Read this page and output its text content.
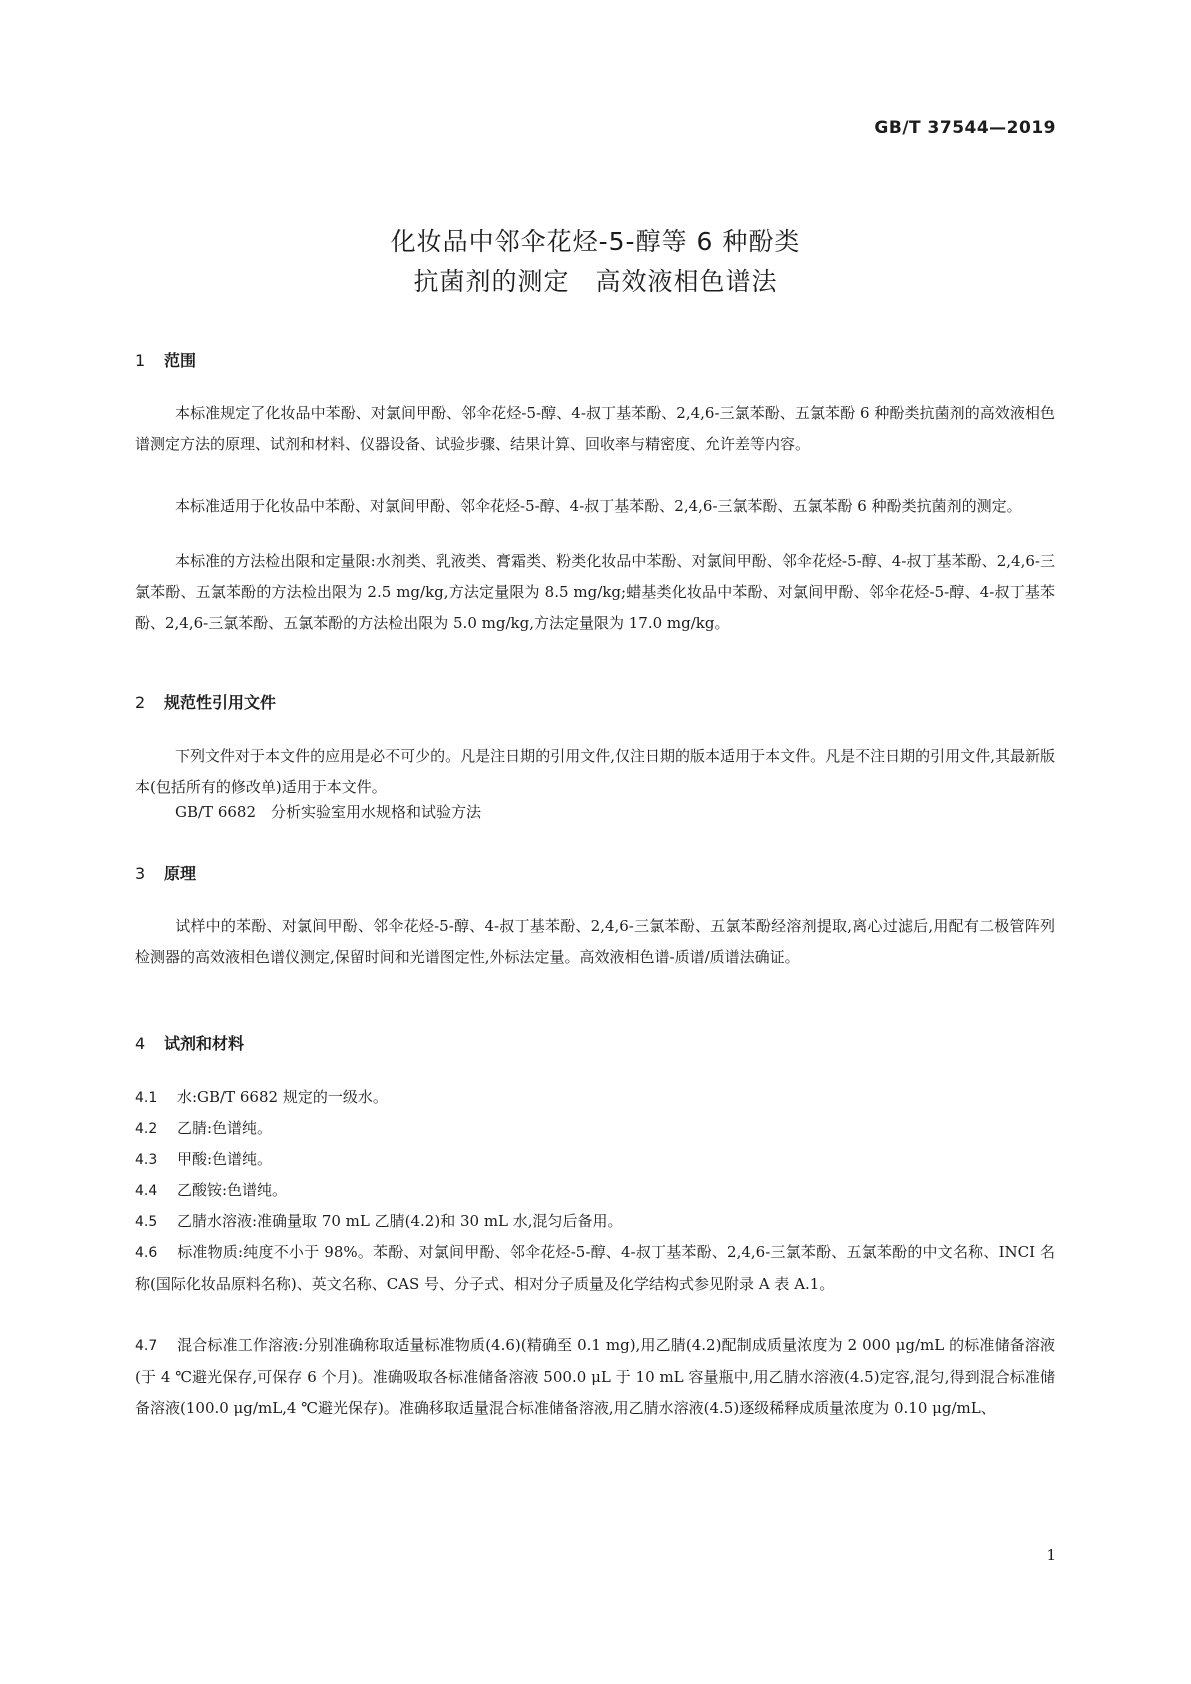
GB/T 37544—2019
化妆品中邻伞花烃-5-醇等 6 种酚类
抗菌剂的测定　高效液相色谱法
1 范围
本标准规定了化妆品中苯酚、对氯间甲酚、邻伞花烃-5-醇、4-叔丁基苯酚、2,4,6-三氯苯酚、五氯苯酚 6 种酚类抗菌剂的高效液相色谱测定方法的原理、试剂和材料、仪器设备、试验步骤、结果计算、回收率与精密度、允许差等内容。
本标准适用于化妆品中苯酚、对氯间甲酚、邻伞花烃-5-醇、4-叔丁基苯酚、2,4,6-三氯苯酚、五氯苯酚 6 种酚类抗菌剂的测定。
本标准的方法检出限和定量限:水剂类、乳液类、膏霜类、粉类化妆品中苯酚、对氯间甲酚、邻伞花烃-5-醇、4-叔丁基苯酚、2,4,6-三氯苯酚、五氯苯酚的方法检出限为 2.5 mg/kg,方法定量限为 8.5 mg/kg;蜡基类化妆品中苯酚、对氯间甲酚、邻伞花烃-5-醇、4-叔丁基苯酚、2,4,6-三氯苯酚、五氯苯酚的方法检出限为 5.0 mg/kg,方法定量限为 17.0 mg/kg。
2 规范性引用文件
下列文件对于本文件的应用是必不可少的。凡是注日期的引用文件,仅注日期的版本适用于本文件。凡是不注日期的引用文件,其最新版本(包括所有的修改单)适用于本文件。
GB/T 6682　分析实验室用水规格和试验方法
3 原理
试样中的苯酚、对氯间甲酚、邻伞花烃-5-醇、4-叔丁基苯酚、2,4,6-三氯苯酚、五氯苯酚经溶剂提取,离心过滤后,用配有二极管阵列检测器的高效液相色谱仪测定,保留时间和光谱图定性,外标法定量。高效液相色谱-质谱/质谱法确证。
4 试剂和材料
4.1 水:GB/T 6682 规定的一级水。
4.2 乙腈:色谱纯。
4.3 甲酸:色谱纯。
4.4 乙酸铵:色谱纯。
4.5 乙腈水溶液:准确量取 70 mL 乙腈(4.2)和 30 mL 水,混匀后备用。
4.6 标准物质:纯度不小于 98%。苯酚、对氯间甲酚、邻伞花烃-5-醇、4-叔丁基苯酚、2,4,6-三氯苯酚、五氯苯酚的中文名称、INCI 名称(国际化妆品原料名称)、英文名称、CAS 号、分子式、相对分子质量及化学结构式参见附录 A 表 A.1。
4.7 混合标准工作溶液:分别准确称取适量标准物质(4.6)(精确至 0.1 mg),用乙腈(4.2)配制成质量浓度为 2 000 μg/mL 的标准储备溶液(于 4 ℃避光保存,可保存 6 个月)。准确吸取各标准储备溶液 500.0 μL 于 10 mL 容量瓶中,用乙腈水溶液(4.5)定容,混匀,得到混合标准储备溶液(100.0 μg/mL,4 ℃避光保存)。准确移取适量混合标准储备溶液,用乙腈水溶液(4.5)逐级稀释成质量浓度为 0.10 μg/mL、
1
